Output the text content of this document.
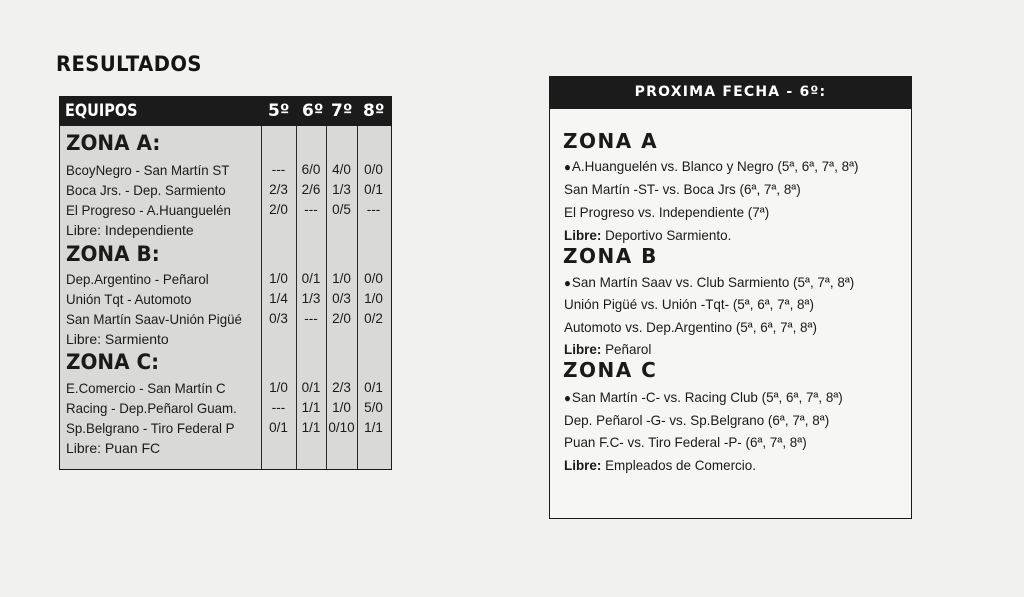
RESULTADOS
EQUIPOS	5º 6º 7º 8º
ZONA A:
BcoyNegro - San Martín ST	---	6/0 4/0 0/0
Boca Jrs. - Dep. Sarmiento	2/3	2/6 1/3 0/1
El Progreso - A.Huanguelén	2/0	---	0/5	---
Libre: Independiente
ZONA B:
Dep.Argentino - Peñarol	1/0	0/1 1/0 0/0
Unión Tqt - Automoto	1/4	1/3 0/3 1/0
San Martín Saav-Unión Pigüé	0/3	---	2/0 0/2
Libre: Sarmiento
ZONA C:
E.Comercio - San Martín C	1/0	0/1 2/3 0/1
Racing - Dep.Peñarol Guam.	---	1/1 1/0 5/0
Sp.Belgrano - Tiro Federal P	0/1	1/1 0/10 1/1
Libre: Puan FC
PROXIMA FECHA - 6º:
ZONA A
●A.Huanguelén vs. Blanco y Negro (5ª, 6ª, 7ª, 8ª)
San Martín -ST- vs. Boca Jrs (6ª, 7ª, 8ª)
El Progreso vs. Independiente (7ª)
Libre: Deportivo Sarmiento.
ZONA B
●San Martín Saav vs. Club Sarmiento (5ª, 7ª, 8ª)
Unión Pigüé vs. Unión -Tqt- (5ª, 6ª, 7ª, 8ª)
Automoto vs. Dep.Argentino (5ª, 6ª, 7ª, 8ª)
Libre: Peñarol
ZONA C
●San Martín -C- vs. Racing Club (5ª, 6ª, 7ª, 8ª)
Dep. Peñarol -G- vs. Sp.Belgrano (6ª, 7ª, 8ª)
Puan F.C- vs. Tiro Federal -P- (6ª, 7ª, 8ª)
Libre: Empleados de Comercio.
